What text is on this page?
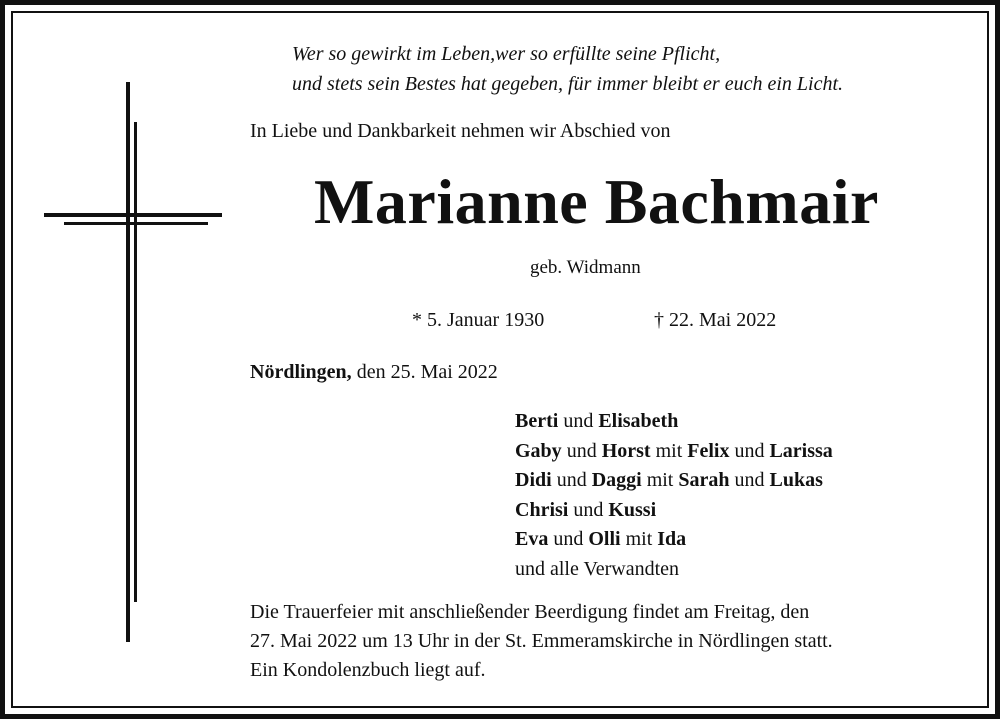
Wer so gewirkt im Leben,wer so erfüllte seine Pflicht,
und stets sein Bestes hat gegeben, für immer bleibt er euch ein Licht.
In Liebe und Dankbarkeit nehmen wir Abschied von
Marianne Bachmair
geb. Widmann
* 5. Januar 1930	† 22. Mai 2022
Nördlingen, den 25. Mai 2022
Berti und Elisabeth
Gaby und Horst mit Felix und Larissa
Didi und Daggi mit Sarah und Lukas
Chrisi und Kussi
Eva und Olli mit Ida
und alle Verwandten
Die Trauerfeier mit anschließender Beerdigung findet am Freitag, den
27. Mai 2022 um 13 Uhr in der St. Emmeramskirche in Nördlingen statt.
Ein Kondolenzbuch liegt auf.
